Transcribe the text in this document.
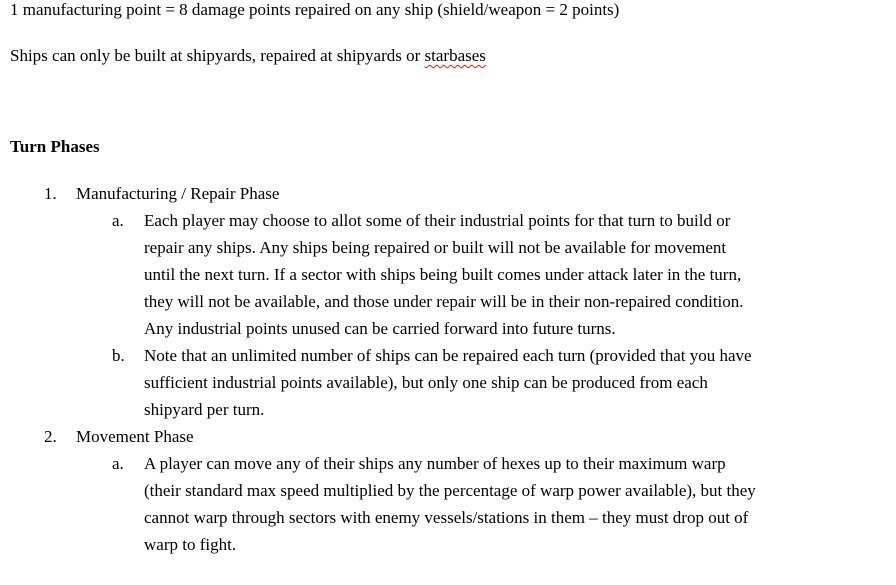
1 manufacturing point = 8 damage points repaired on any ship (shield/weapon = 2 points)
Ships can only be built at shipyards, repaired at shipyards or starbases
Turn Phases
1. Manufacturing / Repair Phase
a. Each player may choose to allot some of their industrial points for that turn to build or
repair any ships. Any ships being repaired or built will not be available for movement
until the next turn. If a sector with ships being built comes under attack later in the turn,
they will not be available, and those under repair will be in their non-repaired condition.
Any industrial points unused can be carried forward into future turns.
b. Note that an unlimited number of ships can be repaired each turn (provided that you have
sufficient industrial points available), but only one ship can be produced from each
shipyard per turn.
2. Movement Phase
a. A player can move any of their ships any number of hexes up to their maximum warp
(their standard max speed multiplied by the percentage of warp power available), but they
cannot warp through sectors with enemy vessels/stations in them – they must drop out of
warp to fight.
